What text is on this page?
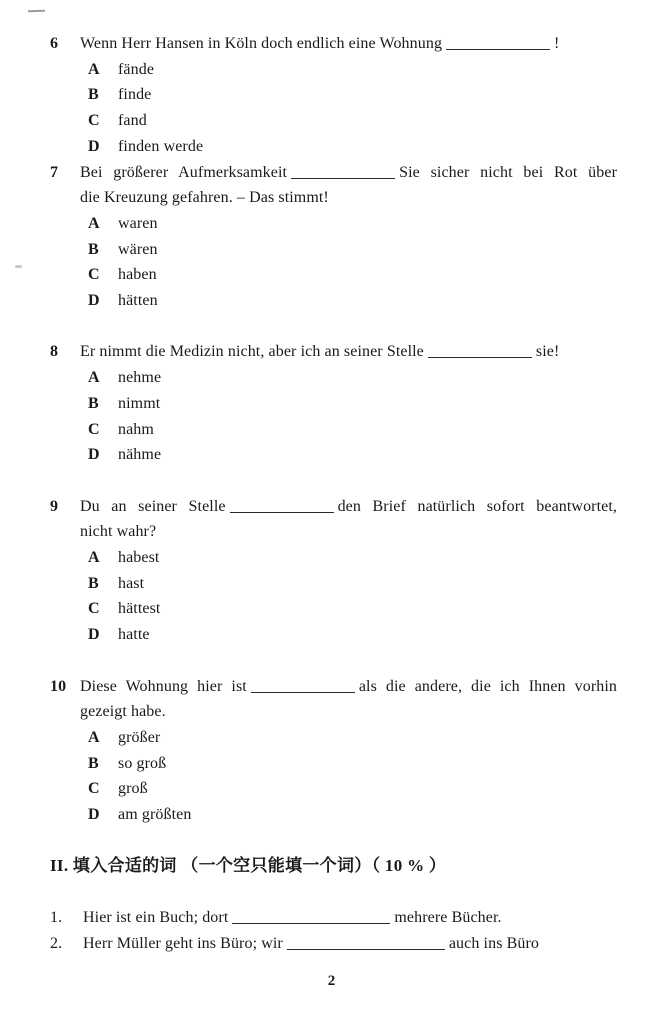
6	Wenn Herr Hansen in Köln doch endlich eine Wohnung	!
A	fände
B	finde
C	fand
D	finden werde
7	Bei größerer Aufmerksamkeit	Sie sicher nicht bei Rot über
die Kreuzung gefahren. – Das stimmt!
A	waren
B	wären
C	haben
D	hätten
8	Er nimmt die Medizin nicht, aber ich an seiner Stelle	sie!
A	nehme
B	nimmt
C	nahm
D	nähme
9	Du an seiner Stelle	den Brief natürlich sofort beantwortet,
nicht wahr?
A	habest
B	hast
C	hättest
D	hatte
10 Diese Wohnung hier ist	als die andere, die ich Ihnen vorhin
gezeigt habe.
A	größer
B	so groß
C	groß
D	am größten
II. 填入合适的词 （一个空只能填一个词）（ 10 % ）
1.	Hier ist ein Buch; dort	mehrere Bücher.
2.	Herr Müller geht ins Büro; wir	auch ins Büro
2
